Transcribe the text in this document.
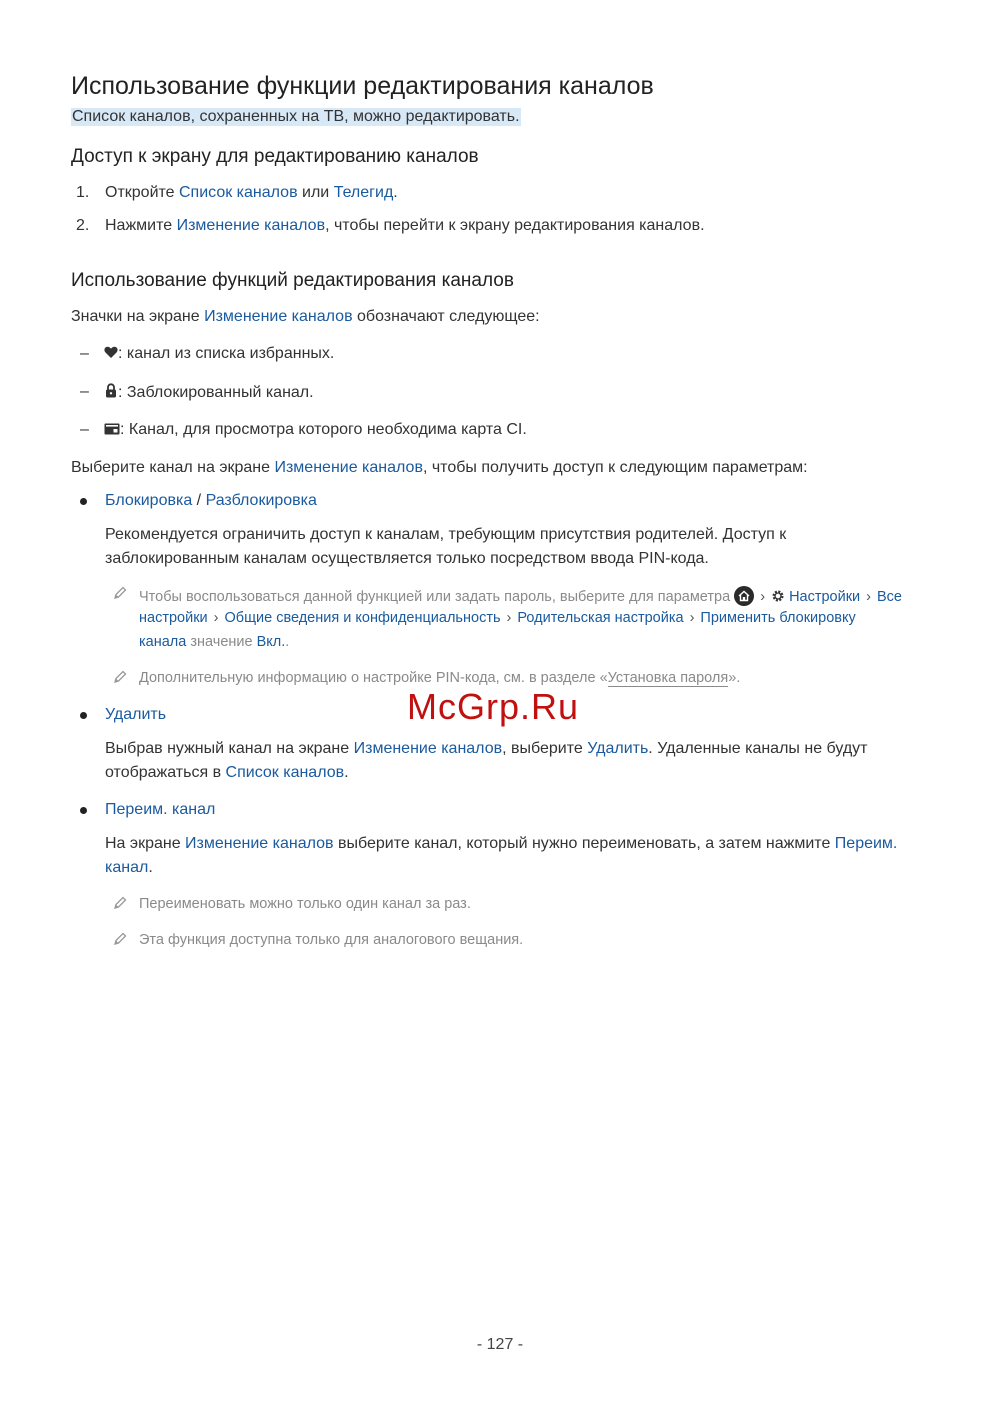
Использование функции редактирования каналов
Список каналов, сохраненных на ТВ, можно редактировать.
Доступ к экрану для редактированию каналов
1. Откройте Список каналов или Телегид.
2. Нажмите Изменение каналов, чтобы перейти к экрану редактирования каналов.
Использование функций редактирования каналов
Значки на экране Изменение каналов обозначают следующее:
–	: канал из списка избранных.
–	: Заблокированный канал.
–	: Канал, для просмотра которого необходима карта CI.
Выберите канал на экране Изменение каналов, чтобы получить доступ к следующим параметрам:
Блокировка / Разблокировка
Рекомендуется ограничить доступ к каналам, требующим присутствия родителей. Доступ к
заблокированным каналам осуществляется только посредством ввода PIN-кода.
Чтобы воспользоваться данной функцией или задать пароль, выберите для параметра › Настройки › Все
настройки › Общие сведения и конфиденциальность › Родительская настройка › Применить блокировку
канала значение Вкл..
Дополнительную информацию о настройке PIN-кода, см. в разделе «Установка пароля».
Удалить
Выбрав нужный канал на экране Изменение каналов, выберите Удалить. Удаленные каналы не будут
отображаться в Список каналов.
Переим. канал
На экране Изменение каналов выберите канал, который нужно переименовать, а затем нажмите Переим.
канал.
Переименовать можно только один канал за раз.
Эта функция доступна только для аналогового вещания.
McGrp.Ru
- 127 -
